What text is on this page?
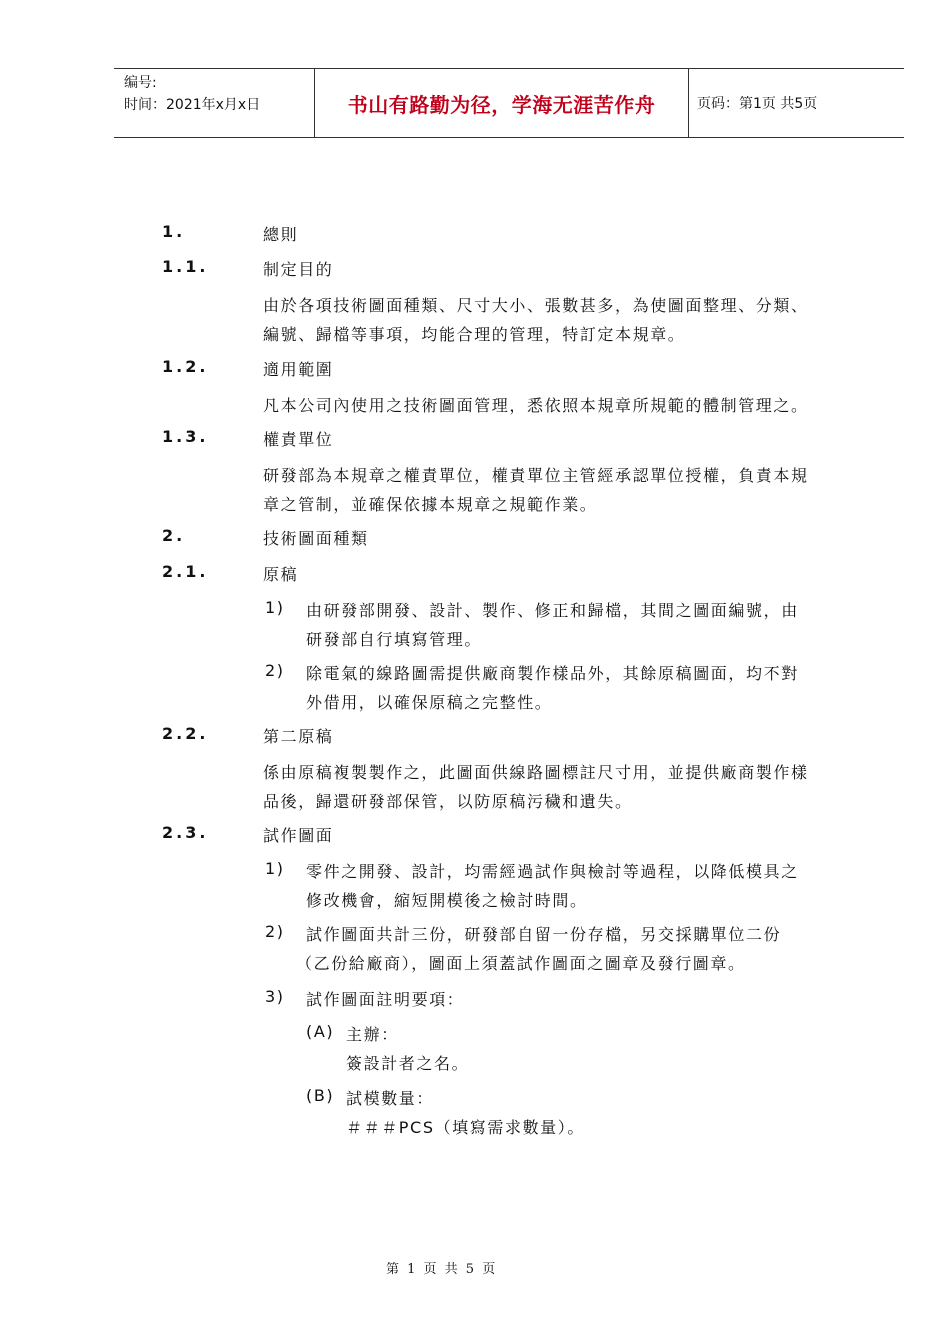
编号:
时间：2021年x月x日	书山有路勤为径，学海无涯苦作舟	页码：第1页 共5页
1.	總則
1.1.	制定目的
由於各項技術圖面種類、尺寸大小、張數甚多，為使圖面整理、分類、
編號、歸檔等事項，均能合理的管理，特訂定本規章。
1.2.	適用範圍
凡本公司內使用之技術圖面管理，悉依照本規章所規範的體制管理之。
1.3.	權責單位
研發部為本規章之權責單位，權責單位主管經承認單位授權，負責本規
章之管制，並確保依據本規章之規範作業。
2.	技術圖面種類
2.1.	原稿
1) 由研發部開發、設計、製作、修正和歸檔，其間之圖面編號，由
研發部自行填寫管理。
2) 除電氣的線路圖需提供廠商製作樣品外，其餘原稿圖面，均不對
外借用，以確保原稿之完整性。
2.2.	第二原稿
係由原稿複製製作之，此圖面供線路圖標註尺寸用，並提供廠商製作樣
品後，歸還研發部保管，以防原稿污穢和遺失。
2.3.	試作圖面
1) 零件之開發、設計，均需經過試作與檢討等過程，以降低模具之
修改機會，縮短開模後之檢討時間。
2) 試作圖面共計三份，研發部自留一份存檔，另交採購單位二份
（乙份給廠商），圖面上須蓋試作圖面之圖章及發行圖章。
3) 試作圖面註明要項：
(A) 主辦：
簽設計者之名。
(B) 試模數量：
＃＃＃PCS（填寫需求數量）。
第 1 页 共 5 页
